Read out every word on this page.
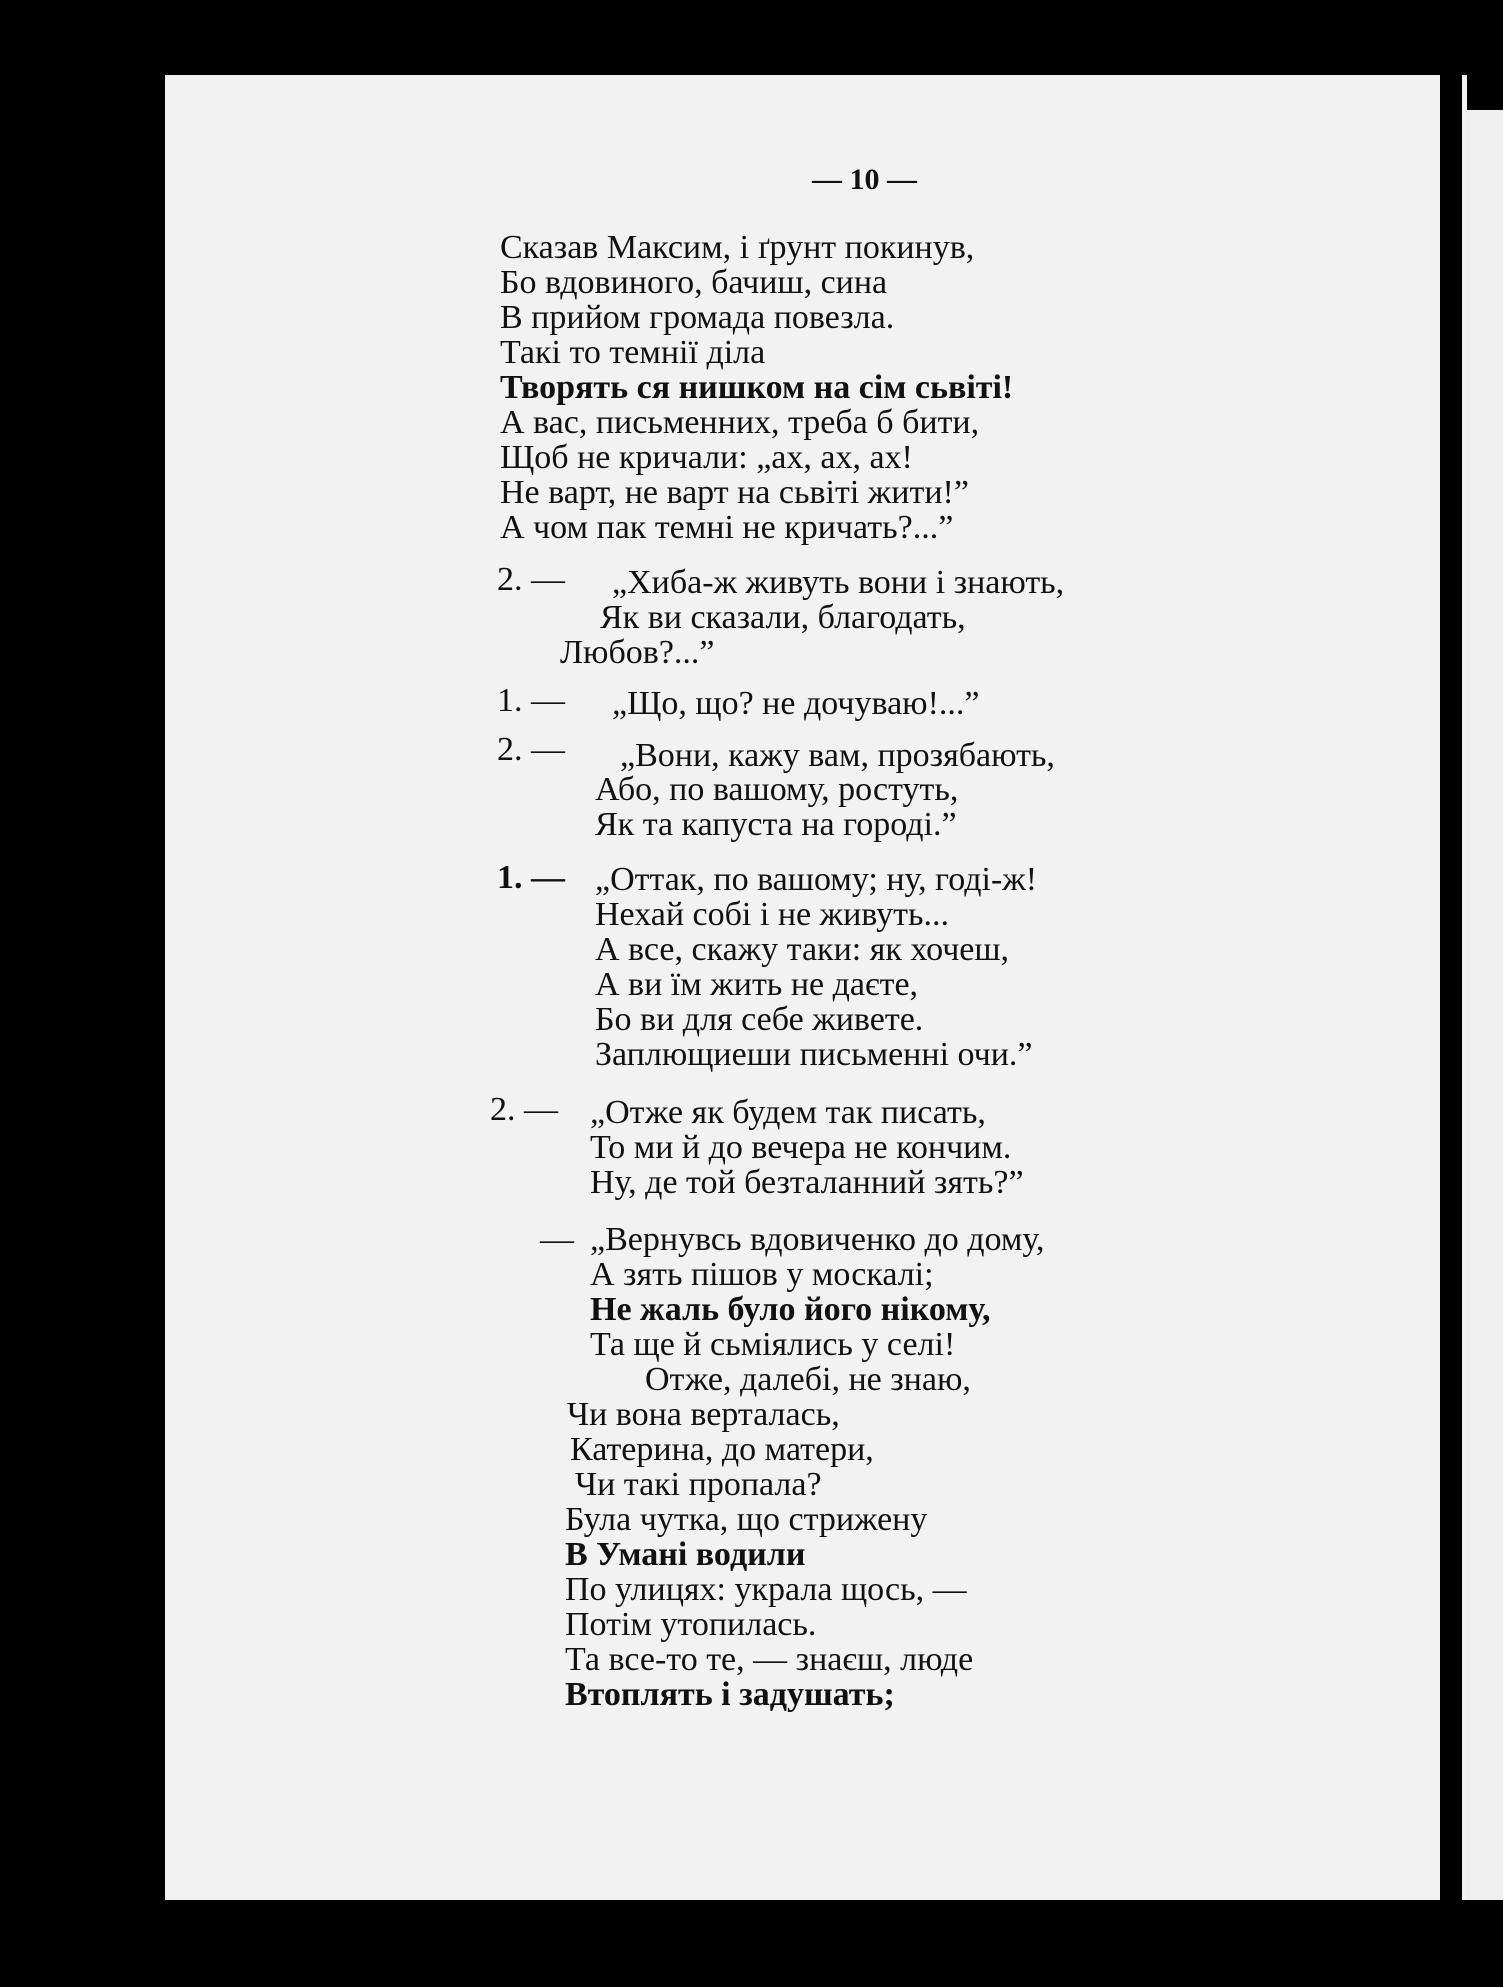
— 10 —
Сказав Максим, і ґрунт покинув,
Бо вдовиного, бачиш, сина
В прийом громада повезла.
Такі то темнії діла
Творять ся нишком на сім сьвіті!
А вас, письменних, треба б бити,
Щоб не кричали: „ах, ах, ах!
Не варт, не варт на сьвіті жити!”
А чом пак темні не кричать?...”
2. — „Хиба-ж живуть вони і знають,
Як ви сказали, благодать,
Любов?...”
1. — „Що, що? не дочуваю!...”
2. — „Вони, кажу вам, прозябають,
Або, по вашому, ростуть,
Як та капуста на городі.”
1. — „Оттак, по вашому; ну, годі-ж!
Нехай собі і не живуть...
А все, скажу таки: як хочеш,
А ви їм жить не даєте,
Бо ви для себе живете.
Заплющиеши письменні очи.”
2. — „Отже як будем так писать,
То ми й до вечера не кончим.
Ну, де той безталанний зять?”
— „Вернувсь вдовиченко до дому,
А зять пішов у москалі;
Не жаль було його нікому,
Та ще й сьміялись у селі!
Отже, далебі, не знаю,
Чи вона верталась,
Катерина, до матери,
Чи такі пропала?
Була чутка, що стрижену
В Умані водили
По улицях: украла щось, —
Потім утопилась.
Та все-то те, — знаєш, люде
Втоплять і задушать;
